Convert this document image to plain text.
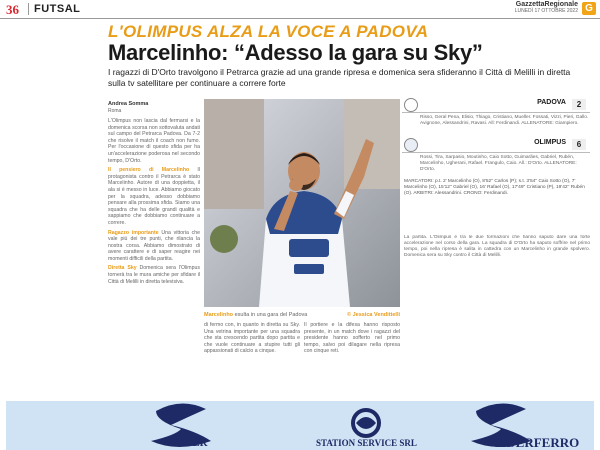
36 FUTSAL	GazzettaRegionale
LUNEDÌ 17 OTTOBRE 2022 G
L'OLIMPUS ALZA LA VOCE A PADOVA
Marcelinho: “Adesso la gara su Sky”
I ragazzi di D'Orto travolgono il Petrarca grazie ad una grande ripresa e domenica sera sfideranno il Città di Melilli in diretta sulla tv satellitare per continuare a correre forte
Andrea Somma
Roma

L'Olimpus non lascia dal fermarsi e la domenica scorsa non sottovaluta andati sul campo del Petrarca Padova. Da 7-2 che risolve il match il coach non fumo. Per l'occasione di questo sfida per ha un'accelerazione poderosa nel secondo tempo, D'Orto.

Il pensiero di Marcelinho Il protagonista contro il Petrarca è stato Marcelinho. Autore di una doppietta, il ala si è messo in luce. Abbiamo giocato per la squadra, adesso dobbiamo pensare alla prossima sfida. Siamo una squadra che ha delle grandi qualità e sappiamo che dobbiamo continuare a correre.

Ragazzo importante Una vittoria che vale più dei tre punti, che rilancia la nostra corsa. Abbiamo dimostrato di avere carattere e di saper reagire nei momenti difficili della partita.

Diretta Sky Domenica sera l'Olimpus tornerà tra le mura amiche per sfidare il Città di Melilli in diretta televisiva.

Marcelinho esulta in una gara del Padova	© Jessica Vendittelli

di fermo con, in quanto in diretta su Sky. Una vetrina importante per una squadra che sta crescendo partita dopo partita e che vuole continuare a stupire tutti gli appassionati di calcio a cinque.

Il portiere e la difesa hanno risposto presente, in un match dove i ragazzi del presidente hanno sofferto nel primo tempo, salvo poi dilagare nella ripresa con cinque reti.

PADOVA	2
Risso, Geral Pena, Elisio, Thiago, Cristiano, Mueller. Fossati, Vizzi, Pieri, Gallo. Avignone, Alessandrini, Ravasi. All: Ferdinandi. ALLENATORE: Giampiero.
OLIMPUS	6
Rossi, Tira, Sarpasio, Moutinho, Caio Sotto, Guimarães, Gabriel, Rubén, Marcelinho, Ugherani, Rafael. Frangulo, Caio. All.: D'Orto. ALLENATORE: D'Orto.
MARCATORI: p.t. 2' Marcelinho (O), 8'52'' Carlos (P); s.t. 3'54'' Caio Sotto (O), 7' Marcelinho (O), 15'12'' Gabriel (O), 16' Rafael (O), 17'49'' Cristiano (P), 19'42'' Rubén (O). ARBITRI: Alessandrini. CRONO: Ferdinandi.
La partita. L'Olimpus è tra le due formazioni che hanno saputo dare una forte accelerazione nel corso della gara. La squadra di D'Orto ha saputo soffrire nel primo tempo, poi nella ripresa è salita in cattedra con un Marcelinho in grande spolvero. Domenica sera su Sky contro il Città di Melilli.
SIDER	STATION SERVICE SRL	SIDERFERRO
